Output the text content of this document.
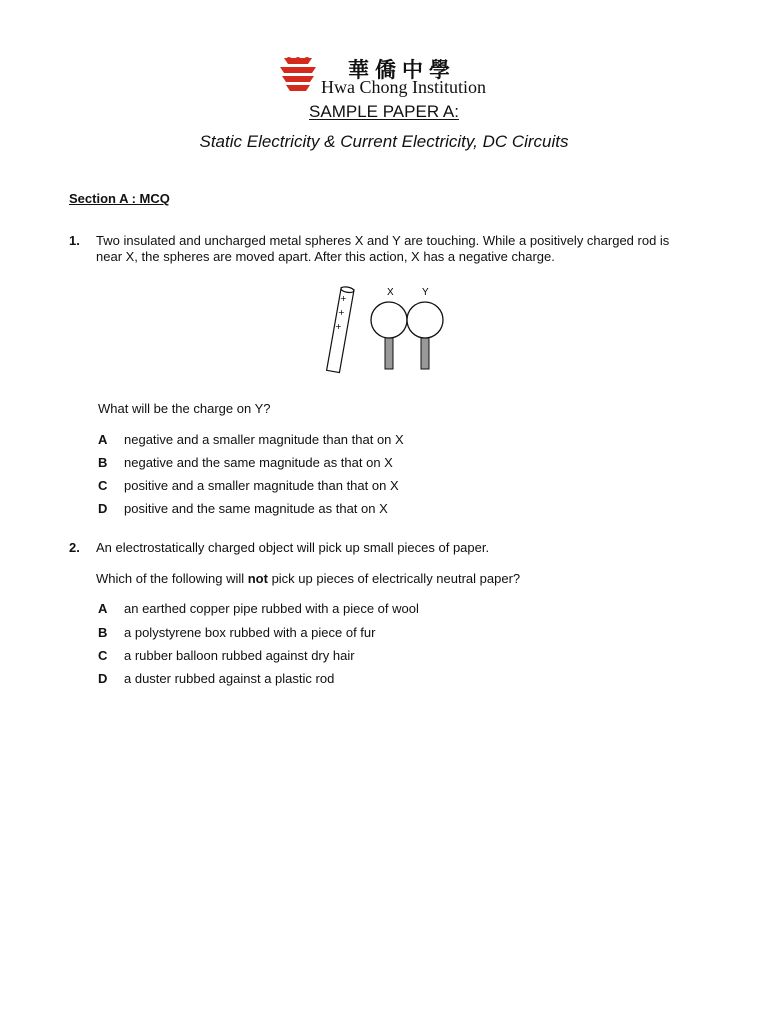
華僑中學
Hwa Chong Institution
SAMPLE PAPER A:
Static Electricity & Current Electricity, DC Circuits
Section A : MCQ
1. Two insulated and uncharged metal spheres X and Y are touching. While a positively charged rod is near X, the spheres are moved apart. After this action, X has a negative charge.
+
+
+
X	Y
What will be the charge on Y?
A negative and a smaller magnitude than that on X
B negative and the same magnitude as that on X
C positive and a smaller magnitude than that on X
D positive and the same magnitude as that on X
2. An electrostatically charged object will pick up small pieces of paper.
Which of the following will not pick up pieces of electrically neutral paper?
A an earthed copper pipe rubbed with a piece of wool
B a polystyrene box rubbed with a piece of fur
C a rubber balloon rubbed against dry hair
D a duster rubbed against a plastic rod
